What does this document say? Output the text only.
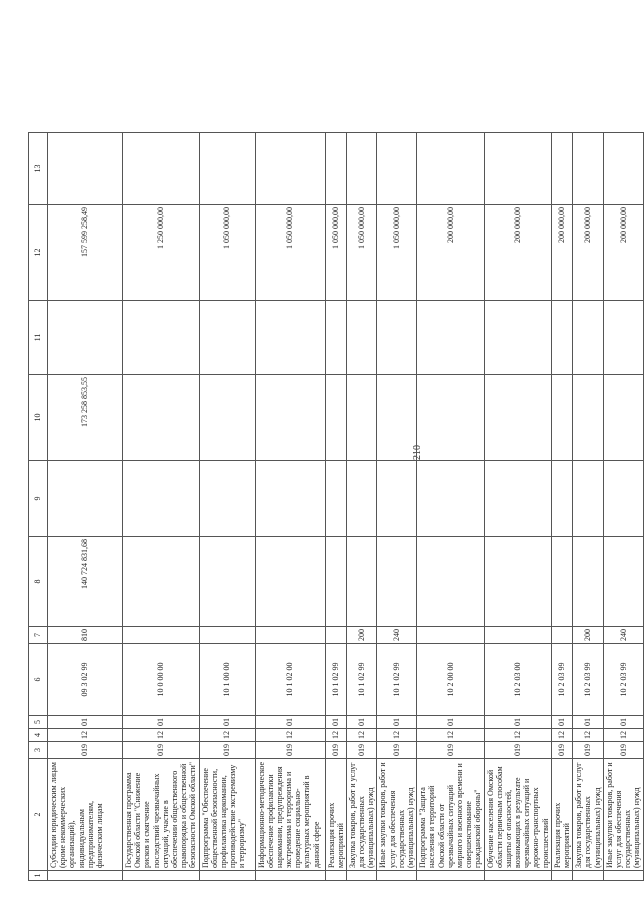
210
1	2	3	4	5	6	7	8	9	10	11	12	13
	Субсидии юридическим лицам (кроме некоммерческих организаций), индивидуальным предпринимателям, физическим лицам	019	12	01	09 3 02 99	810	140 724 831,68		173 258 853,55		157 599 258,49	
	Государственная программа Омской области "Снижение рисков и смягчение последствий чрезвычайных ситуаций, участие в обеспечении общественного правопорядка и общественной безопасности Омской области"	019	12	01	10 0 00 00						1 250 000,00	
	Подпрограмма "Обеспечение общественной безопасности, профилактика наркомании, противодействие экстремизму и терроризму"	019	12	01	10 1 00 00						1 050 000,00	
	Информационно-методическое обеспечение профилактики наркомании, предупреждения экстремизма и терроризма и проведение социально-культурных мероприятий в данной сфере	019	12	01	10 1 02 00						1 050 000,00	
	Реализация прочих мероприятий	019	12	01	10 1 02 99						1 050 000,00	
	Закупка товаров, работ и услуг для государственных (муниципальных) нужд	019	12	01	10 1 02 99	200					1 050 000,00	
	Иные закупки товаров, работ и услуг для обеспечения государственных (муниципальных) нужд	019	12	01	10 1 02 99	240					1 050 000,00	
	Подпрограмма "Защита населения и территорий Омской области от чрезвычайных ситуаций мирного и военного времени и совершенствование гражданской обороны"	019	12	01	10 2 00 00						200 000,00	
	Обучение населения Омской области первичным способам защиты от опасностей, возникающих в результате чрезвычайных ситуаций и дорожно-транспортных происшествий	019	12	01	10 2 03 00						200 000,00	
	Реализация прочих мероприятий	019	12	01	10 2 03 99						200 000,00	
	Закупка товаров, работ и услуг для государственных (муниципальных) нужд	019	12	01	10 2 03 99	200					200 000,00	
	Иные закупки товаров, работ и услуг для обеспечения государственных (муниципальных) нужд	019	12	01	10 2 03 99	240					200 000,00	
